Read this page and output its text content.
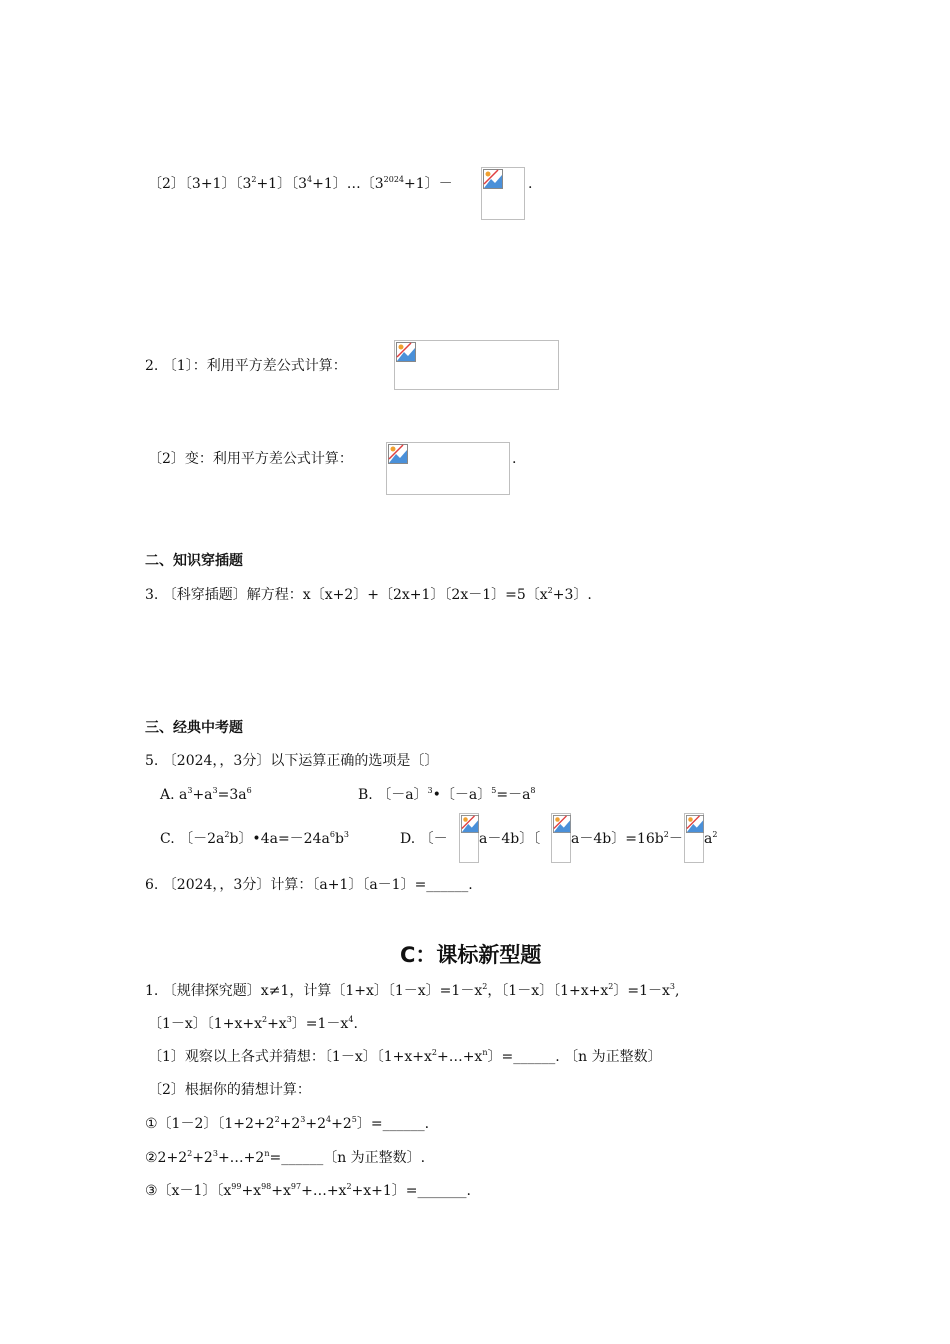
〔2〕〔3+1〕〔$3^2+1$〕〔$3^4+1$〕…〔$3^{2024}+1$〕－	.
2. 〔1〕：利用平方差公式计算：
〔2〕变：利用平方差公式计算：	.
二、知识穿插题
3. 〔科穿插题〕解方程：x〔x+2〕+〔2x+1〕〔2x－1〕=5〔$x^2+3$〕.
三、经典中考题
5. 〔2024，，3分〕以下运算正确的选项是〔〕
A. $a^3+a^3=3a^6$	B. 〔－a〕$^3$•〔－a〕$^5=-a^8$
C. 〔$-2a^2b$〕$•4a=-24a^6b^3$	D. 〔－ a－4b〕〔 a－4b〕$=16b^2- a^2$
6. 〔2024，，3分〕计算：〔a+1〕〔a－1〕=______.
C：课标新型题
1. 〔规律探究题〕x≠1，计算〔1+x〕〔1－x〕$=1-x^2$，〔1－x〕〔$1+x+x^2$〕$=1-x^3$,
〔1－x〕〔$1+x+x^2+x^3$〕$=1-x^4$.
〔1〕观察以上各式并猜想：〔1－x〕〔$1+x+x^2+\dots+x^n$〕=______. 〔n 为正整数〕
〔2〕根据你的猜想计算：
①〔1－2〕〔$1+2+2^2+2^3+2^4+2^5$〕=______.
$②2+2^2+2^3+\dots+2^n=\_\_\_\_\_\_$〔n 为正整数〕.
③〔x－1〕〔$x^{99}+x^{98}+x^{97}+\dots+x^2+x+1$〕=_______.
